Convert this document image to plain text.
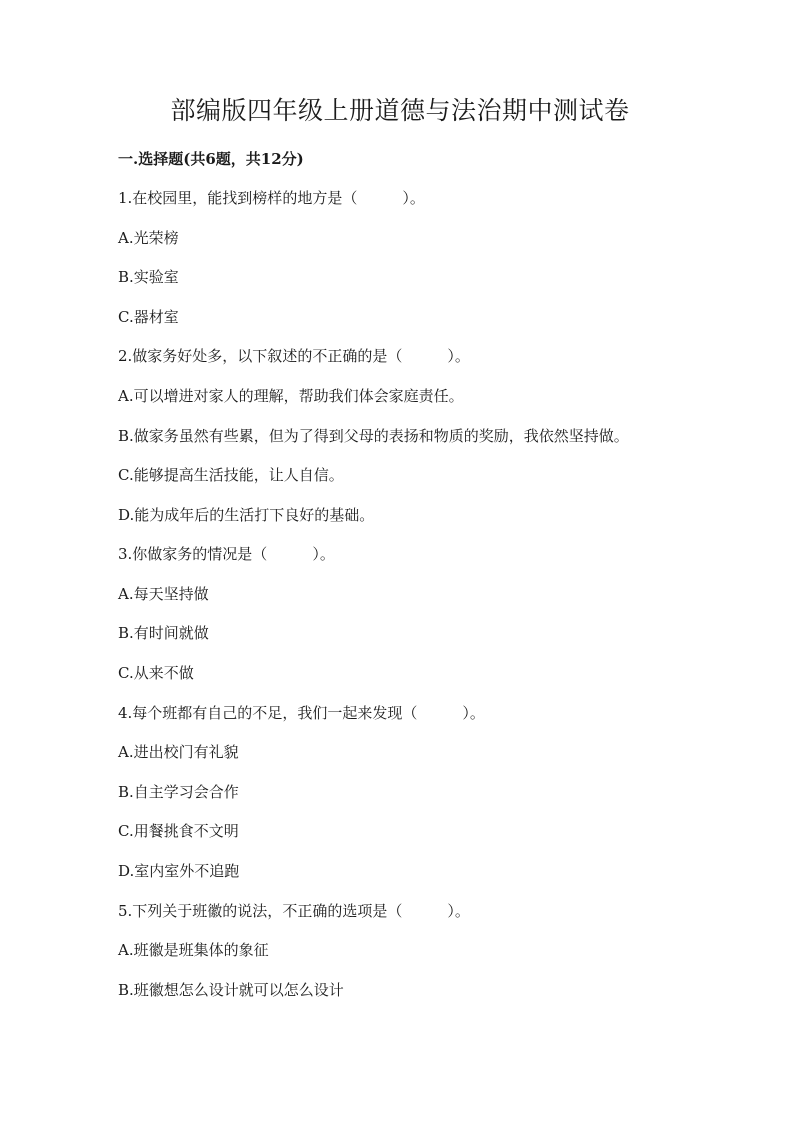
部编版四年级上册道德与法治期中测试卷
一.选择题(共6题，共12分)
1.在校园里，能找到榜样的地方是（　　　）。
A.光荣榜
B.实验室
C.器材室
2.做家务好处多，以下叙述的不正确的是（　　　）。
A.可以增进对家人的理解，帮助我们体会家庭责任。
B.做家务虽然有些累，但为了得到父母的表扬和物质的奖励，我依然坚持做。
C.能够提高生活技能，让人自信。
D.能为成年后的生活打下良好的基础。
3.你做家务的情况是（　　　）。
A.每天坚持做
B.有时间就做
C.从来不做
4.每个班都有自己的不足，我们一起来发现（　　　）。
A.进出校门有礼貌
B.自主学习会合作
C.用餐挑食不文明
D.室内室外不追跑
5.下列关于班徽的说法，不正确的选项是（　　　）。
A.班徽是班集体的象征
B.班徽想怎么设计就可以怎么设计
